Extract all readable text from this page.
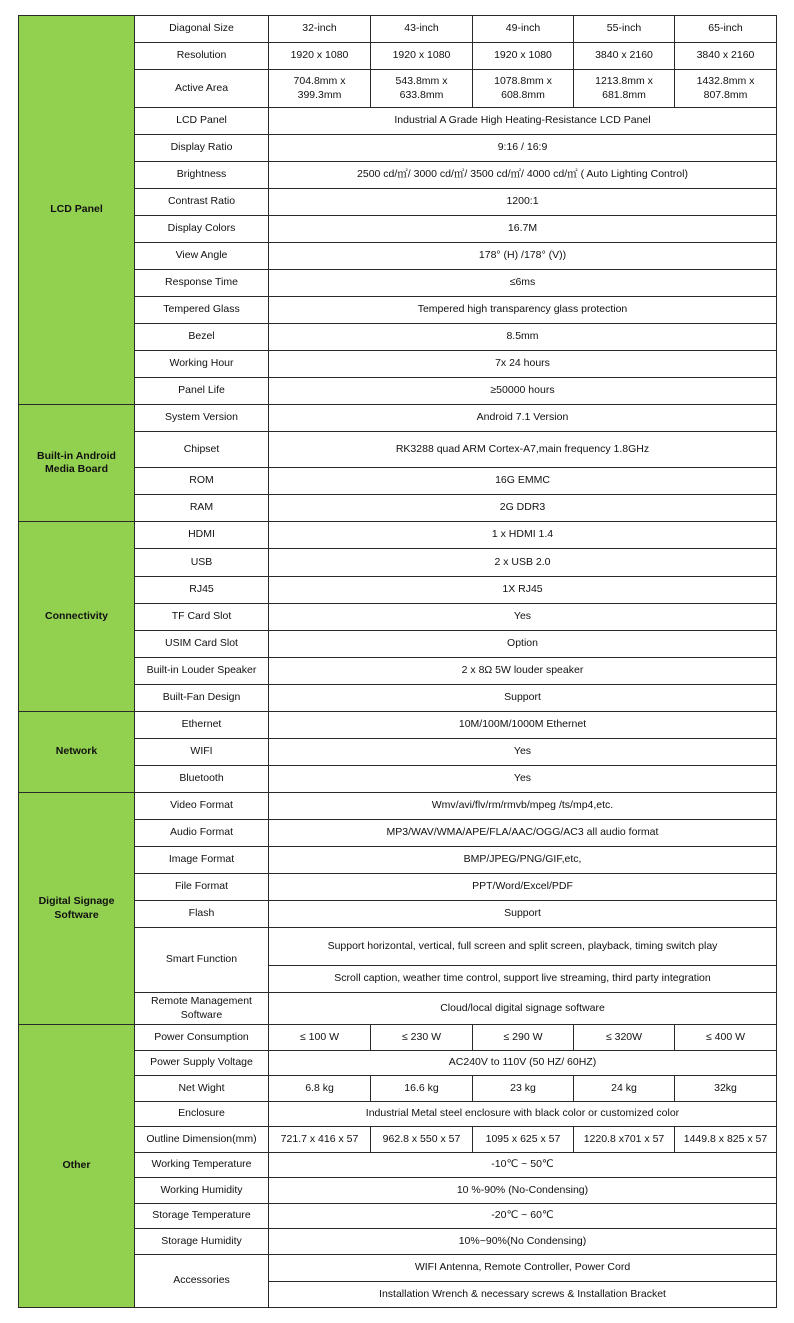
LCD Panel	Diagonal Size	32-inch	43-inch	49-inch	55-inch	65-inch
	Resolution	1920 x 1080	1920 x 1080	1920 x 1080	3840 x 2160	3840 x 2160
	Active Area	704.8mm x 399.3mm	543.8mm x 633.8mm	1078.8mm x 608.8mm	1213.8mm x 681.8mm	1432.8mm x 807.8mm
	LCD Panel	Industrial A Grade High Heating-Resistance LCD Panel				
	Display Ratio	9:16 / 16:9				
	Brightness	2500 cd/㎡/ 3000 cd/㎡/ 3500 cd/㎡/ 4000 cd/㎡ ( Auto Lighting Control)				
	Contrast Ratio	1200:1				
	Display Colors	16.7M				
	View Angle	178° (H) /178° (V))				
	Response Time	≤6ms				
	Tempered Glass	Tempered high transparency glass protection				
	Bezel	8.5mm				
	Working Hour	7x 24 hours				
	Panel Life	≥50000 hours				
Built-in Android Media Board	System Version	Android 7.1 Version				
	Chipset	RK3288 quad ARM Cortex-A7,main frequency 1.8GHz				
	ROM	16G EMMC				
	RAM	2G DDR3				
Connectivity	HDMI	1 x HDMI 1.4				
	USB	2 x USB 2.0				
	RJ45	1X RJ45				
	TF Card Slot	Yes				
	USIM Card Slot	Option				
	Built-in Louder Speaker	2 x 8Ω 5W louder speaker				
	Built-Fan Design	Support				
Network	Ethernet	10M/100M/1000M Ethernet				
	WIFI	Yes				
	Bluetooth	Yes				
Digital Signage Software	Video Format	Wmv/avi/flv/rm/rmvb/mpeg /ts/mp4,etc.				
	Audio Format	MP3/WAV/WMA/APE/FLA/AAC/OGG/AC3 all audio format				
	Image Format	BMP/JPEG/PNG/GIF,etc,				
	File Format	PPT/Word/Excel/PDF				
	Flash	Support				
	Smart Function	Support horizontal, vertical, full screen and split screen, playback, timing switch play				
		Scroll caption, weather time control, support live streaming, third party integration				
	Remote Management Software	Cloud/local digital signage software				
Other	Power Consumption	≤ 100 W	≤ 230 W	≤ 290 W	≤ 320W	≤ 400 W
	Power Supply Voltage	AC240V to 110V (50 HZ/ 60HZ)				
	Net Wight	6.8 kg	16.6 kg	23 kg	24 kg	32kg
	Enclosure	Industrial Metal steel enclosure with black color or customized color				
	Outline Dimension(mm)	721.7 x 416 x 57	962.8 x 550 x 57	1095 x 625 x 57	1220.8 x701 x 57	1449.8 x 825 x 57
	Working Temperature	-10℃ ~ 50℃				
	Working Humidity	10 %-90% (No-Condensing)				
	Storage Temperature	-20℃ ~ 60℃				
	Storage Humidity	10%~90%(No Condensing)				
	Accessories	WIFI Antenna, Remote Controller, Power Cord				
		Installation Wrench & necessary screws & Installation Bracket				
